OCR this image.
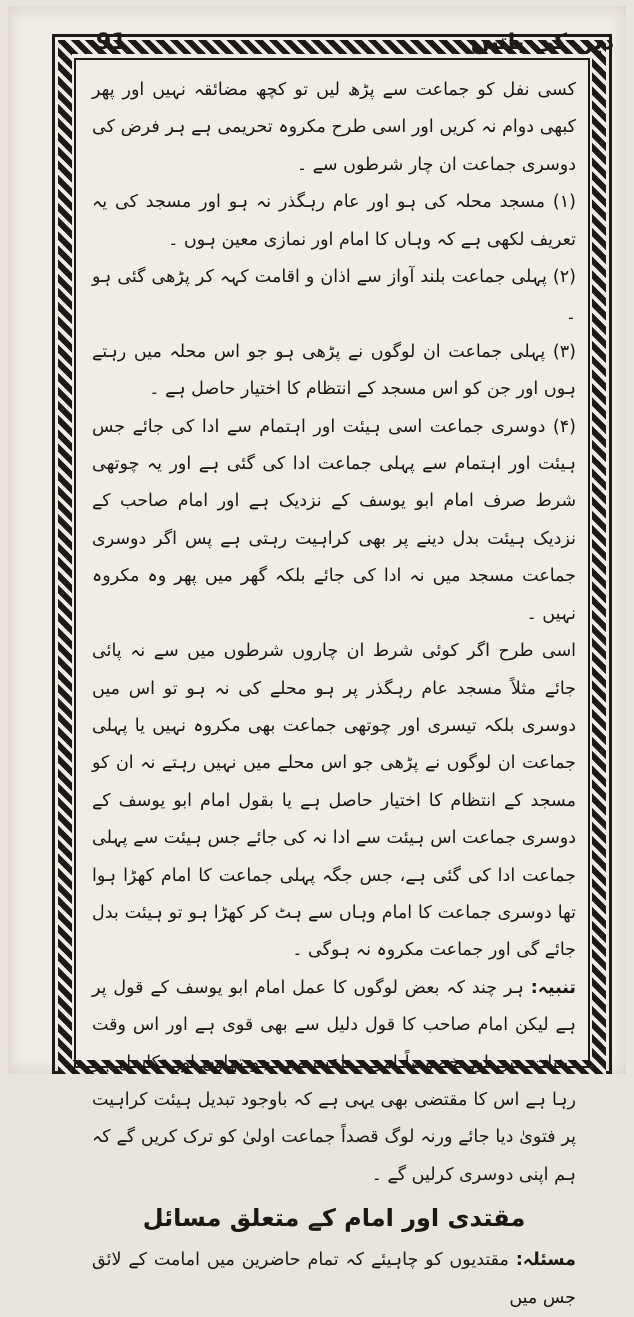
91	دین کی باتیں

کسی نفل کو جماعت سے پڑھ لیں تو کچھ مضائقہ نہیں اور پھر کبھی دوام نہ کریں اور اسی طرح مکروہ تحریمی ہے ہر فرض کی دوسری جماعت ان چار شرطوں سے ۔

(۱) مسجد محلہ کی ہو اور عام رہگذر نہ ہو اور مسجد کی یہ تعریف لکھی ہے کہ وہاں کا امام اور نمازی معین ہوں ۔

(۲) پہلی جماعت بلند آواز سے اذان و اقامت کہہ کر پڑھی گئی ہو ۔

(۳) پہلی جماعت ان لوگوں نے پڑھی ہو جو اس محلہ میں رہتے ہوں اور جن کو اس مسجد کے انتظام کا اختیار حاصل ہے ۔

(۴) دوسری جماعت اسی ہیئت اور اہتمام سے ادا کی جائے جس ہیئت اور اہتمام سے پہلی جماعت ادا کی گئی ہے اور یہ چوتھی شرط صرف امام ابو یوسف کے نزدیک ہے اور امام صاحب کے نزدیک ہیئت بدل دینے پر بھی کراہیت رہتی ہے پس اگر دوسری جماعت مسجد میں نہ ادا کی جائے بلکہ گھر میں پھر وہ مکروہ نہیں ۔

اسی طرح اگر کوئی شرط ان چاروں شرطوں میں سے نہ پائی جائے مثلاً مسجد عام رہگذر پر ہو محلے کی نہ ہو تو اس میں دوسری بلکہ تیسری اور چوتھی جماعت بھی مکروہ نہیں یا پہلی جماعت ان لوگوں نے پڑھی جو اس محلے میں نہیں رہتے نہ ان کو مسجد کے انتظام کا اختیار حاصل ہے یا بقول امام ابو یوسف کے دوسری جماعت اس ہیئت سے ادا نہ کی جائے جس ہیئت سے پہلی جماعت ادا کی گئی ہے، جس جگہ پہلی جماعت کا امام کھڑا ہوا تھا دوسری جماعت کا امام وہاں سے ہٹ کر کھڑا ہو تو ہیئت بدل جائے گی اور جماعت مکروہ نہ ہوگی ۔

تنبیہ: ہر چند کہ بعض لوگوں کا عمل امام ابو یوسف کے قول پر ہے لیکن امام صاحب کا قول دلیل سے بھی قوی ہے اور اس وقت دینیات میں اور خصوصاً امر جماعت میں جو تہاون اور تکاسل ہو رہا ہے اس کا مقتضی بھی یہی ہے کہ باوجود تبدیل ہیئت کراہیت پر فتویٰ دیا جائے ورنہ لوگ قصداً جماعت اولیٰ کو ترک کریں گے کہ ہم اپنی دوسری کرلیں گے ۔

مقتدی اور امام کے متعلق مسائل

مسئلہ: مقتدیوں کو چاہیئے کہ تمام حاضرین میں امامت کے لائق جس میں
